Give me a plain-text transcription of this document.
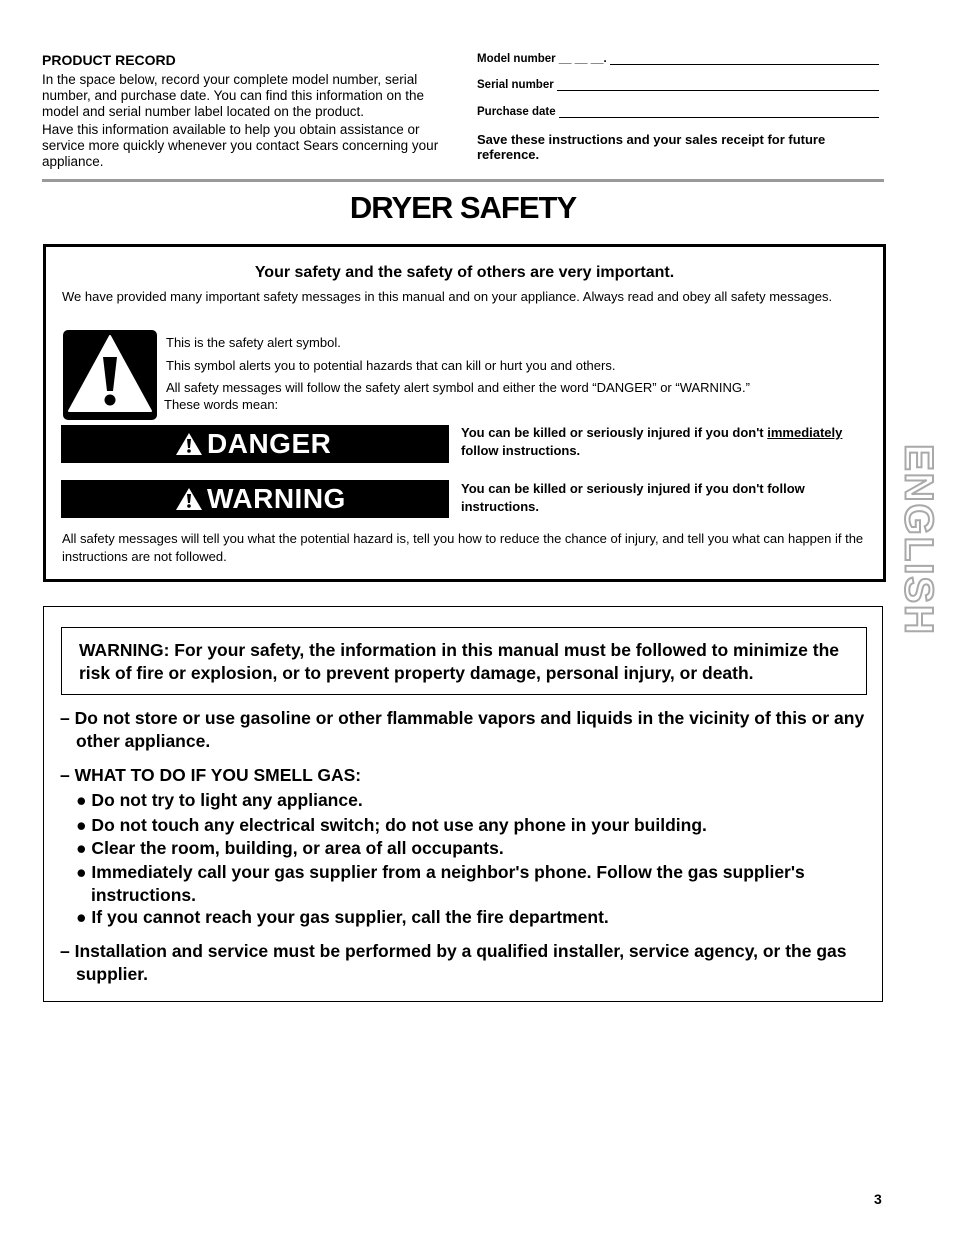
PRODUCT RECORD
In the space below, record your complete model number, serial number, and purchase date. You can find this information on the model and serial number label located on the product.
Have this information available to help you obtain assistance or service more quickly whenever you contact Sears concerning your appliance.
Model number __ __ __.
Serial number
Purchase date
Save these instructions and your sales receipt for future reference.
DRYER SAFETY
Your safety and the safety of others are very important.
We have provided many important safety messages in this manual and on your appliance. Always read and obey all safety messages.
This is the safety alert symbol.
This symbol alerts you to potential hazards that can kill or hurt you and others.
All safety messages will follow the safety alert symbol and either the word “DANGER” or “WARNING.”
These words mean:
DANGER	You can be killed or seriously injured if you don't immediately follow instructions.
WARNING	You can be killed or seriously injured if you don't follow instructions.
All safety messages will tell you what the potential hazard is, tell you how to reduce the chance of injury, and tell you what can happen if the instructions are not followed.
WARNING: For your safety, the information in this manual must be followed to minimize the risk of fire or explosion, or to prevent property damage, personal injury, or death.
– Do not store or use gasoline or other flammable vapors and liquids in the vicinity of this or any other appliance.
– WHAT TO DO IF YOU SMELL GAS:
● Do not try to light any appliance.
● Do not touch any electrical switch; do not use any phone in your building.
● Clear the room, building, or area of all occupants.
● Immediately call your gas supplier from a neighbor's phone. Follow the gas supplier's instructions.
● If you cannot reach your gas supplier, call the fire department.
– Installation and service must be performed by a qualified installer, service agency, or the gas supplier.
ENGLISH
3
